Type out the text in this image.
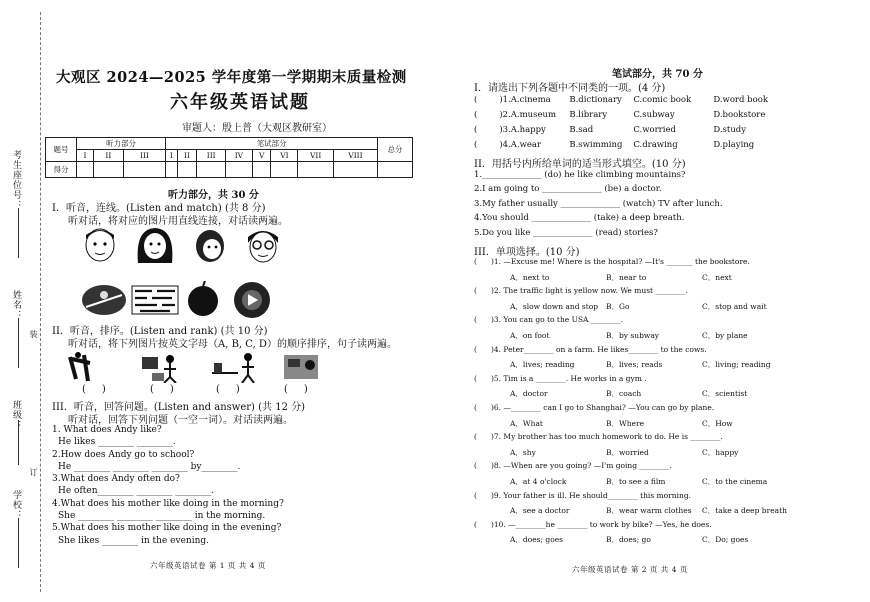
考生座位号：
姓名：
装
班级：
订
学校：
大观区 2024—2025 学年度第一学期期末质量检测
六年级英语试题
审题人：殷上普（大观区教研室）
题号	听力部分			笔试部分								总分
	I	II	III	I	II	III	IV	V	VI	VII	VIII	
得分												
听力部分，共 30 分
I．听音，连线。(Listen and match) (共 8 分)
听对话，将对应的图片用直线连接，对话读两遍。
II．听音，排序。(Listen and rank) (共 10 分)
听对话，将下列图片按英文字母（A, B, C, D）的顺序排序，句子读两遍。
( )	( )	( )	( )
III．听音，回答问题。(Listen and answer) (共 12 分)
听对话，回答下列问题（一空一词）。对话读两遍。
1. What does Andy like?
He likes ________ ________.
2.How does Andy go to school?
He ________ ________ ________ by________.
3.What does Andy often do?
He often________ ________ ________.
4.What does his mother like doing in the morning?
She ________ ________ ________ in the morning.
5.What does his mother like doing in the evening?
She likes ________ in the evening.
六年级英语试卷 第 1 页 共 4 页
笔试部分，共 70 分
I．请选出下列各题中不同类的一项。(4 分)
(	)1.A.cinema B.dictionary C.comic book	D.word book
(	)2.A.museum B.library	C.subway	D.bookstore
(	)3.A.happy	B.sad	C.worried	D.study
(	)4.A.wear	B.swimming C.drawing	D.playing
II．用括号内所给单词的适当形式填空。(10 分)
1.______________ (do) he like climbing mountains?
2.I am going to ______________ (be) a doctor.
3.My father usually ______________ (watch) TV after lunch.
4.You should ______________ (take) a deep breath.
5.Do you like ______________ (read) stories?
III．单项选择。(10 分)
( )1. —Excuse me! Where is the hospital? —It's _______ the bookstore.
A．next to	B．near to	C．next
( )2. The traffic light is yellow now. We must ________.
A．slow down and stop B．Go	C．stop and wait
( )3. You can go to the USA ________.
A．on foot	B．by subway	C．by plane
( )4. Peter________ on a farm. He likes________ to the cows.
A．lives; reading	B．lives; reads	C．living; reading
( )5. Tim is a ________. He works in a gym .
A．doctor	B．coach	C．scientist
( )6. —________ can I go to Shanghai? —You can go by plane.
A．What	B．Where	C．How
( )7. My brother has too much homework to do. He is ________.
A．shy	B．worried	C．happy
( )8. —When are you going? —I'm going ________.
A．at 4 o'clock	B．to see a film	C．to the cinema
( )9. Your father is ill. He should________ this morning.
A．see a doctor	B．wear warm clothes C．take a deep breath
( )10. —________he ________ to work by bike? —Yes, he does.
A．does; goes	B．does; go	C．Do; goes
六年级英语试卷 第 2 页 共 4 页
